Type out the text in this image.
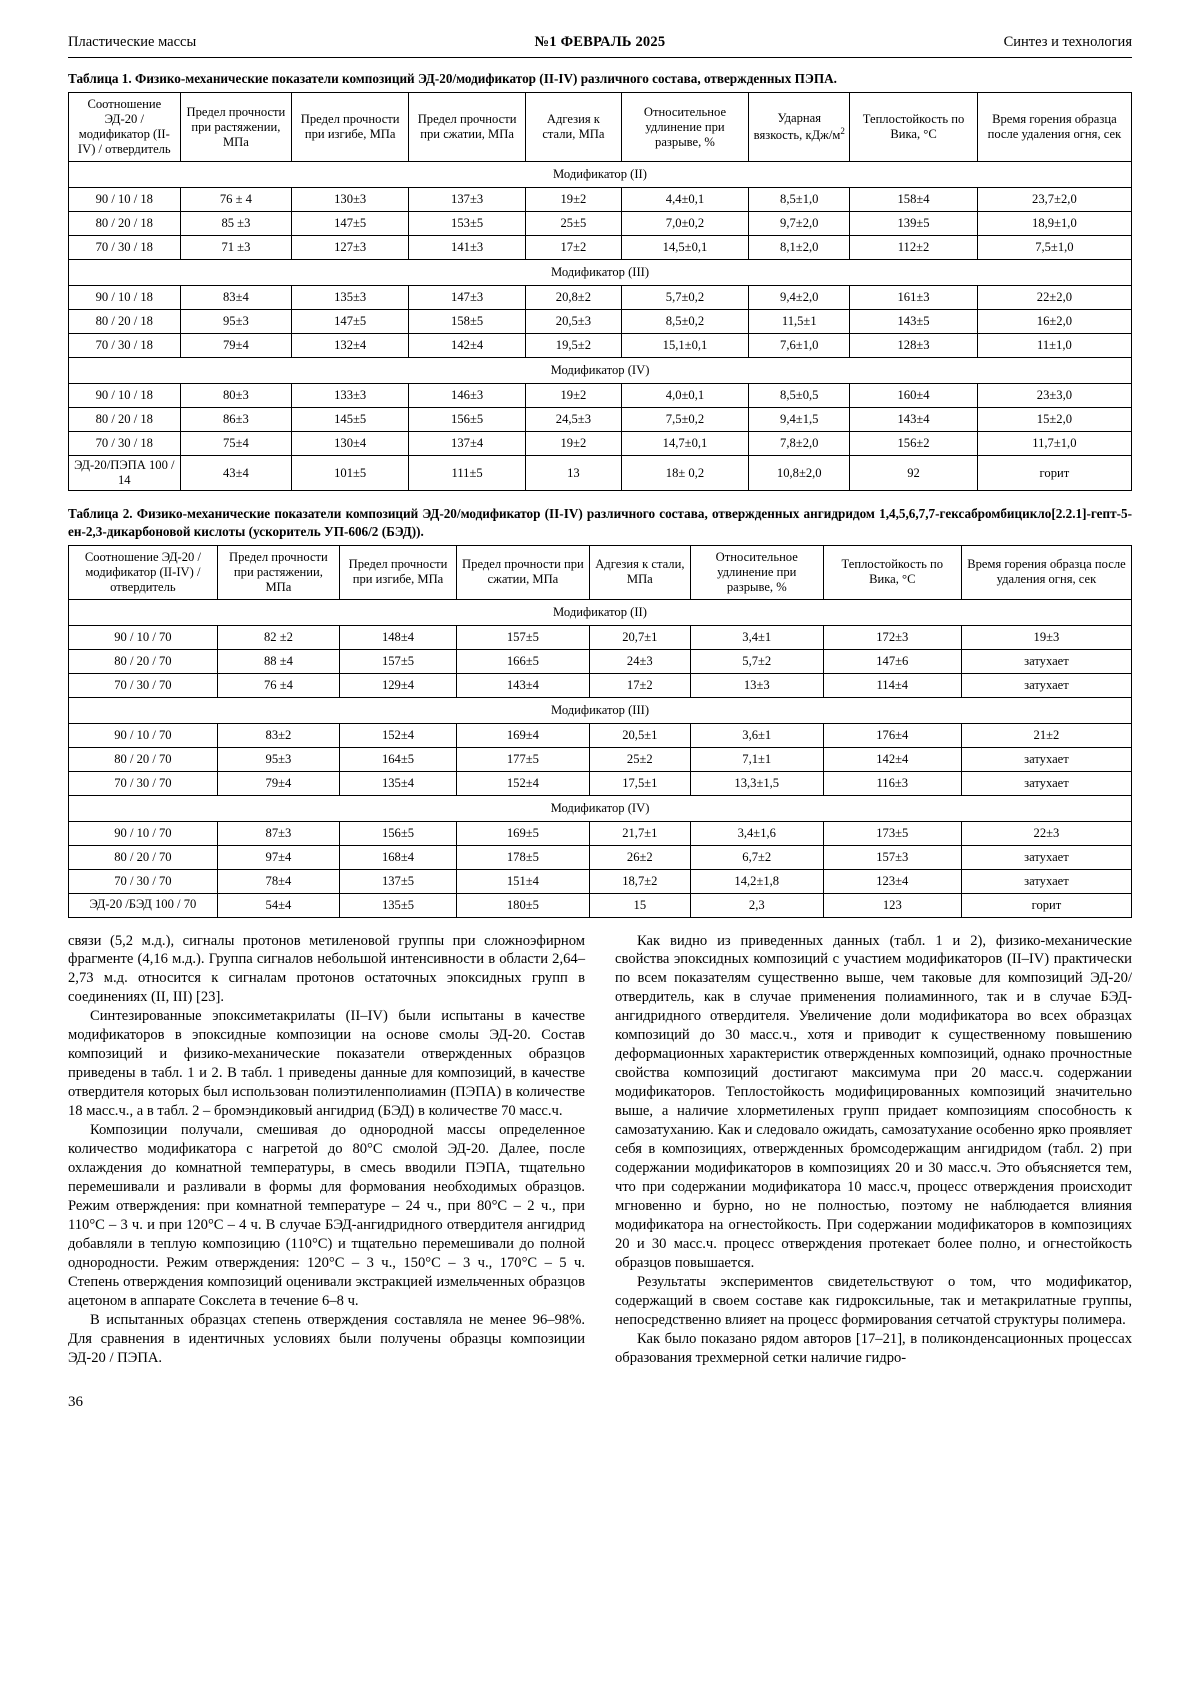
Пластические массы	№1 ФЕВРАЛЬ 2025	Синтез и технология
Таблица 1. Физико-механические показатели композиций ЭД-20/модификатор (II-IV) различного состава, отвержденных ПЭПА.
Соотношение ЭД-20 / модификатор (II-IV) / отвердитель	Предел прочности при растяжении, МПа	Предел прочности при изгибе, МПа	Предел прочности при сжатии, МПа	Адгезия к стали, МПа	Относительное удлинение при разрыве, %	Ударная вязкость, кДж/$м^2$	Теплостойкость по Вика, °С	Время горения образца после удаления огня, сек
Модификатор (II)								
90 / 10 / 18	76 ± 4	130±3	137±3	19±2	4,4±0,1	8,5±1,0	158±4	23,7±2,0
80 / 20 / 18	85 ±3	147±5	153±5	25±5	7,0±0,2	9,7±2,0	139±5	18,9±1,0
70 / 30 / 18	71 ±3	127±3	141±3	17±2	14,5±0,1	8,1±2,0	112±2	7,5±1,0
Модификатор (III)								
90 / 10 / 18	83±4	135±3	147±3	20,8±2	5,7±0,2	9,4±2,0	161±3	22±2,0
80 / 20 / 18	95±3	147±5	158±5	20,5±3	8,5±0,2	11,5±1	143±5	16±2,0
70 / 30 / 18	79±4	132±4	142±4	19,5±2	15,1±0,1	7,6±1,0	128±3	11±1,0
Модификатор (IV)								
90 / 10 / 18	80±3	133±3	146±3	19±2	4,0±0,1	8,5±0,5	160±4	23±3,0
80 / 20 / 18	86±3	145±5	156±5	24,5±3	7,5±0,2	9,4±1,5	143±4	15±2,0
70 / 30 / 18	75±4	130±4	137±4	19±2	14,7±0,1	7,8±2,0	156±2	11,7±1,0
ЭД-20/ПЭПА 100 / 14	43±4	101±5	111±5	13	18± 0,2	10,8±2,0	92	горит
Таблица 2. Физико-механические показатели композиций ЭД-20/модификатор (II-IV) различного состава, отвержденных ангидридом 1,4,5,6,7,7-гексабромбицикло[2.2.1]-гепт-5-ен-2,3-дикарбоновой кислоты (ускоритель УП-606/2 (БЭД)).
Соотношение ЭД-20 / модификатор (II-IV) / отвердитель	Предел прочности при растяжении, МПа	Предел прочности при изгибе, МПа	Предел прочности при сжатии, МПа	Адгезия к стали, МПа	Относительное удлинение при разрыве, %	Теплостойкость по Вика, °С	Время горения образца после удаления огня, сек
Модификатор (II)							
90 / 10 / 70	82 ±2	148±4	157±5	20,7±1	3,4±1	172±3	19±3
80 / 20 / 70	88 ±4	157±5	166±5	24±3	5,7±2	147±6	затухает
70 / 30 / 70	76 ±4	129±4	143±4	17±2	13±3	114±4	затухает
Модификатор (III)							
90 / 10 / 70	83±2	152±4	169±4	20,5±1	3,6±1	176±4	21±2
80 / 20 / 70	95±3	164±5	177±5	25±2	7,1±1	142±4	затухает
70 / 30 / 70	79±4	135±4	152±4	17,5±1	13,3±1,5	116±3	затухает
Модификатор (IV)							
90 / 10 / 70	87±3	156±5	169±5	21,7±1	3,4±1,6	173±5	22±3
80 / 20 / 70	97±4	168±4	178±5	26±2	6,7±2	157±3	затухает
70 / 30 / 70	78±4	137±5	151±4	18,7±2	14,2±1,8	123±4	затухает
ЭД-20 /БЭД 100 / 70	54±4	135±5	180±5	15	2,3	123	горит

связи (5,2 м.д.), сигналы протонов метиленовой группы при сложноэфирном фрагменте (4,16 м.д.). Группа сигналов небольшой интенсивности в области 2,64–2,73 м.д. относится к сигналам протонов остаточных эпоксидных групп в соединениях (II, III) [23].

Синтезированные эпоксиметакрилаты (II–IV) были испытаны в качестве модификаторов в эпоксидные композиции на основе смолы ЭД-20. Состав композиций и физико-механические показатели отвержденных образцов приведены в табл. 1 и 2. В табл. 1 приведены данные для композиций, в качестве отвердителя которых был использован полиэтиленполиамин (ПЭПА) в количестве 18 масс.ч., а в табл. 2 – бромэндиковый ангидрид (БЭД) в количестве 70 масс.ч.

Композиции получали, смешивая до однородной массы определенное количество модификатора с нагретой до 80°С смолой ЭД-20. Далее, после охлаждения до комнатной температуры, в смесь вводили ПЭПА, тщательно перемешивали и разливали в формы для формования необходимых образцов. Режим отверждения: при комнатной температуре – 24 ч., при 80°С – 2 ч., при 110°С – 3 ч. и при 120°С – 4 ч. В случае БЭД-ангидридного отвердителя ангидрид добавляли в теплую композицию (110°С) и тщательно перемешивали до полной однородности. Режим отверждения: 120°С – 3 ч., 150°С – 3 ч., 170°С – 5 ч. Степень отверждения композиций оценивали экстракцией измельченных образцов ацетоном в аппарате Сокслета в течение 6–8 ч.

В испытанных образцах степень отверждения составляла не менее 96–98%. Для сравнения в идентичных условиях были получены образцы композиции ЭД-20 / ПЭПА.

Как видно из приведенных данных (табл. 1 и 2), физико-механические свойства эпоксидных композиций с участием модификаторов (II–IV) практически по всем показателям существенно выше, чем таковые для композиций ЭД-20/отвердитель, как в случае применения полиаминного, так и в случае БЭД-ангидридного отвердителя. Увеличение доли модификатора во всех образцах композиций до 30 масс.ч., хотя и приводит к существенному повышению деформационных характеристик отвержденных композиций, однако прочностные свойства композиций достигают максимума при 20 масс.ч. содержании модификаторов. Теплостойкость модифицированных композиций значительно выше, а наличие хлорметиленых групп придает композициям способность к самозатуханию. Как и следовало ожидать, самозатухание особенно ярко проявляет себя в композициях, отвержденных бромсодержащим ангидридом (табл. 2) при содержании модификаторов в композициях 20 и 30 масс.ч. Это объясняется тем, что при содержании модификатора 10 масс.ч, процесс отверждения происходит мгновенно и бурно, но не полностью, поэтому не наблюдается влияния модификатора на огнестойкость. При содержании модификаторов в композициях 20 и 30 масс.ч. процесс отверждения протекает более полно, и огнестойкость образцов повышается.

Результаты экспериментов свидетельствуют о том, что модификатор, содержащий в своем составе как гидроксильные, так и метакрилатные группы, непосредственно влияет на процесс формирования сетчатой структуры полимера.

Как было показано рядом авторов [17–21], в поликонденсационных процессах образования трехмерной сетки наличие гидро-

36
